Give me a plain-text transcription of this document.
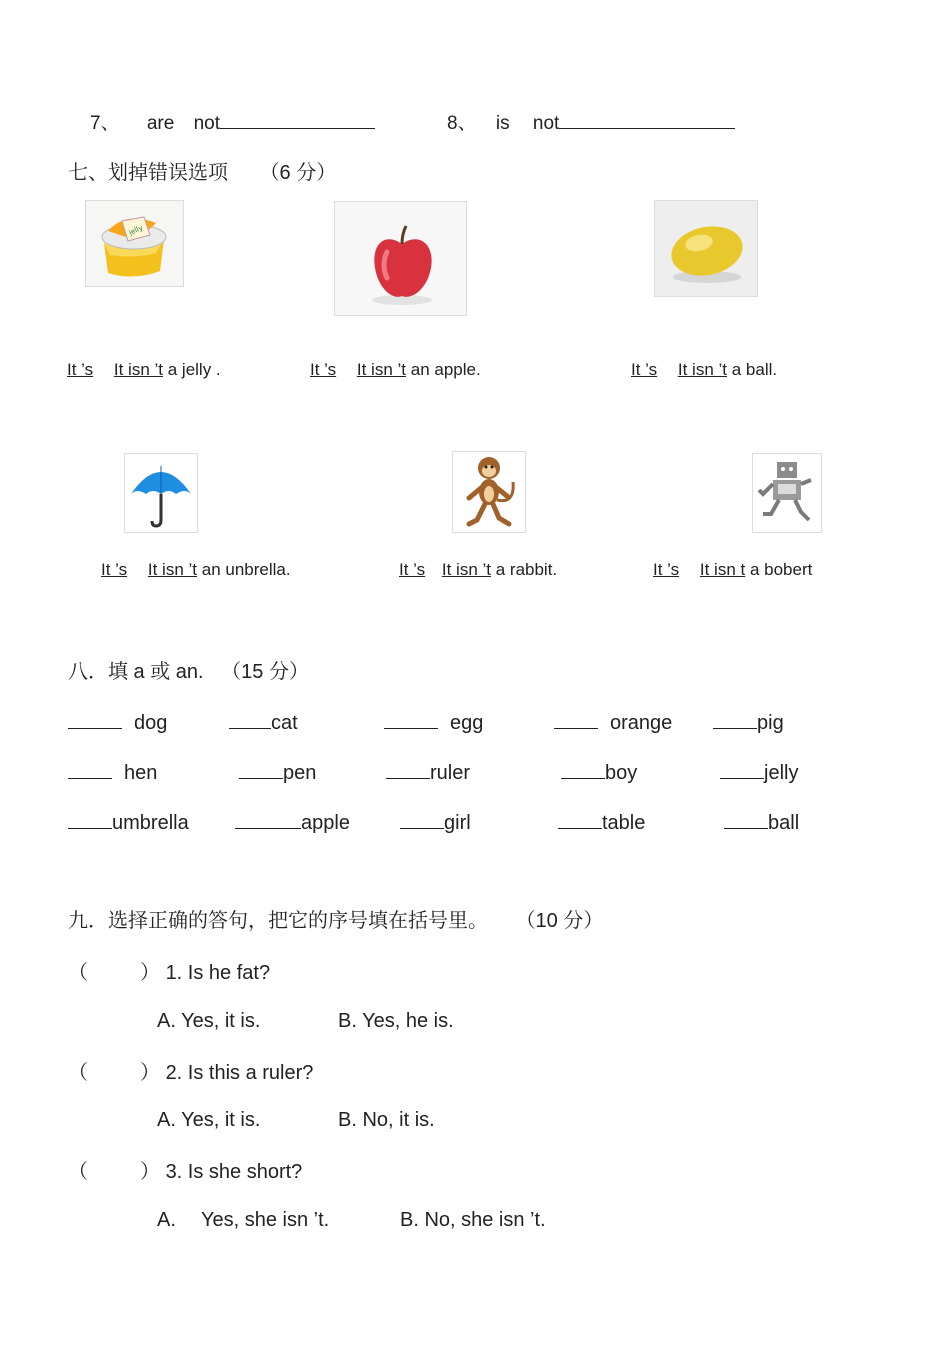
7、 are not	8、 is not
七、划掉错误选项 （6 分）
jelly
It ’s It isn ’t a jelly .	It ’s It isn ’t an apple.	It ’s It isn ’t a ball.
It ’s It isn ’t an unbrella.	It ’s It isn ’t a rabbit.	It ’s It isn t a bobert
八．填 a 或 an. （15 分）
dog	cat	egg	orange	pig
hen	pen	ruler	boy	jelly
umbrella	apple	girl	table	ball
九．选择正确的答句，把它的序号填在括号里。 （10 分）
（	） 1. Is he fat?
A. Yes, it is.	B. Yes, he is.
（	） 2. Is this a ruler?
A. Yes, it is.	B. No, it is.
（	） 3. Is she short?
A. Yes, she isn ’t.	B. No, she isn ’t.
